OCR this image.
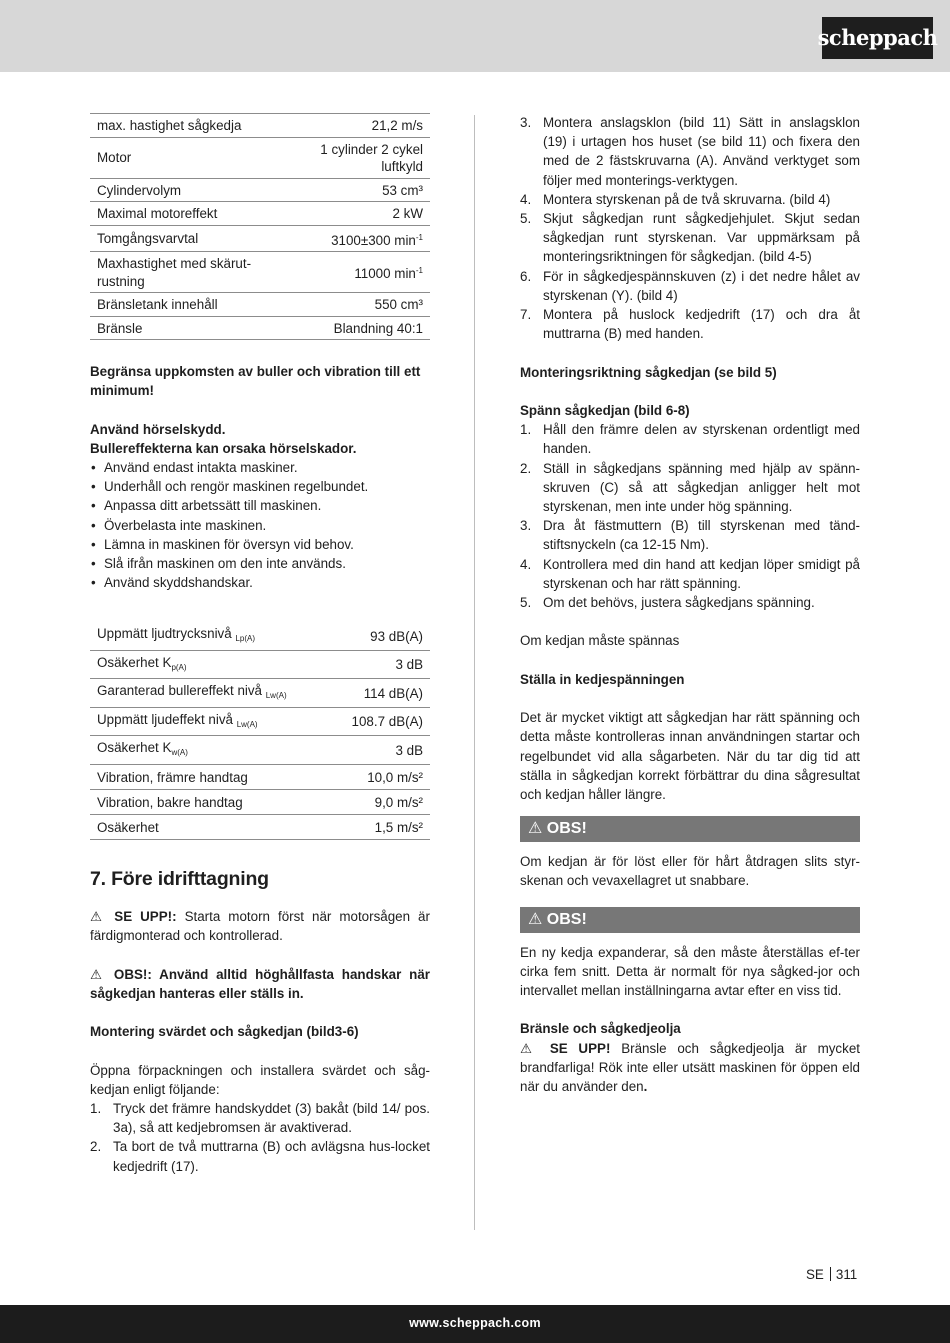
scheppach
max. hastighet sågkedja	21,2 m/s
Motor	1 cylinder 2 cykel luftkyld
Cylindervolym	53 cm³
Maximal motoreffekt	2 kW
Tomgångsvarvtal	3100±300 $\min^{-1}$
Maxhastighet med skärut-rustning	11000 $\min^{-1}$
Bränsletank innehåll	550 cm³
Bränsle	Blandning 40:1

Begränsa uppkomsten av buller och vibration till ett minimum!

Använd hörselskydd.

Bullereffekterna kan orsaka hörselskador.

• Använd endast intakta maskiner.
• Underhåll och rengör maskinen regelbundet.
• Anpassa ditt arbetssätt till maskinen.
• Överbelasta inte maskinen.
• Lämna in maskinen för översyn vid behov.
• Slå ifrån maskinen om den inte används.
• Använd skyddshandskar.
Uppmätt ljudtrycksnivå $_{Lp(A)}$	93 dB(A)
Osäkerhet $K_{p(A)}$	3 dB
Garanterad bullereffekt nivå $_{Lw(A)}$	114 dB(A)
Uppmätt ljudeffekt nivå $_{Lw(A)}$	108.7 dB(A)
Osäkerhet $K_{w(A)}$	3 dB
Vibration, främre handtag	10,0 m/s²
Vibration, bakre handtag	9,0 m/s²
Osäkerhet	1,5 m/s²
7. Före idrifttagning

⚠ SE UPP!: Starta motorn först när motorsågen är färdigmonterad och kontrollerad.

⚠ OBS!: Använd alltid höghållfasta handskar när sågkedjan hanteras eller ställs in.

Montering svärdet och sågkedjan (bild3-6)

Öppna förpackningen och installera svärdet och såg-kedjan enligt följande:

1. Tryck det främre handskyddet (3) bakåt (bild 14/ pos. 3a), så att kedjebromsen är avaktiverad.
2. Ta bort de två muttrarna (B) och avlägsna hus-locket kedjedrift (17).
3. Montera anslagsklon (bild 11) Sätt in anslagsklon (19) i urtagen hos huset (se bild 11) och fixera den med de 2 fästskruvarna (A). Använd verktyget som följer med monterings-verktygen.
4. Montera styrskenan på de två skruvarna. (bild 4)
5. Skjut sågkedjan runt sågkedjehjulet. Skjut sedan sågkedjan runt styrskenan. Var uppmärksam på monteringsriktningen för sågkedjan. (bild 4-5)
6. För in sågkedjespännskuven (z) i det nedre hålet av styrskenan (Y). (bild 4)
7. Montera på huslock kedjedrift (17) och dra åt muttrarna (B) med handen.

Monteringsriktning sågkedjan (se bild 5)

Spänn sågkedjan (bild 6-8)

1. Håll den främre delen av styrskenan ordentligt med handen.
2. Ställ in sågkedjans spänning med hjälp av spänn-skruven (C) så att sågkedjan anligger helt mot styrskenan, men inte under hög spänning.
3. Dra åt fästmuttern (B) till styrskenan med tänd-stiftsnyckeln (ca 12-15 Nm).
4. Kontrollera med din hand att kedjan löper smidigt på styrskenan och har rätt spänning.
5. Om det behövs, justera sågkedjans spänning.

Om kedjan måste spännas

Ställa in kedjespänningen

Det är mycket viktigt att sågkedjan har rätt spänning och detta måste kontrolleras innan användningen startar och regelbundet vid alla sågarbeten. När du tar dig tid att ställa in sågkedjan korrekt förbättrar du dina sågresultat och kedjan håller längre.

⚠ OBS!

Om kedjan är för löst eller för hårt åtdragen slits styr-skenan och vevaxellagret ut snabbare.

⚠ OBS!

En ny kedja expanderar, så den måste återställas ef-ter cirka fem snitt. Detta är normalt för nya sågked-jor och intervallet mellan inställningarna avtar efter en viss tid.

Bränsle och sågkedjeolja

⚠ SE UPP! Bränsle och sågkedjeolja är mycket brandfarliga! Rök inte eller utsätt maskinen för öppen eld när du använder den.

SE 311
www.scheppach.com
